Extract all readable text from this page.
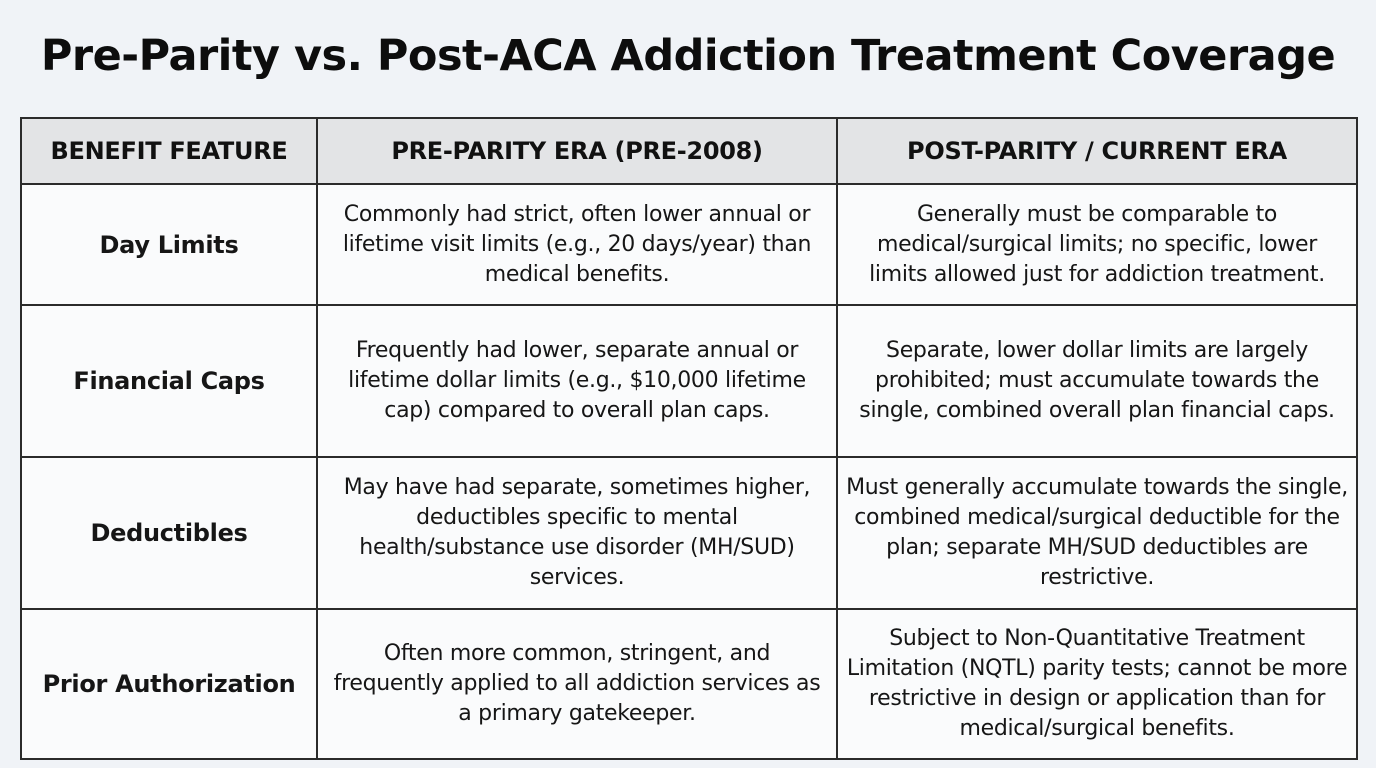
Pre-Parity vs. Post-ACA Addiction Treatment Coverage
BENEFIT FEATURE	PRE-PARITY ERA (PRE-2008)	POST-PARITY / CURRENT ERA
Day Limits	Commonly had strict, often lower annual or lifetime visit limits (e.g., 20 days/year) than medical benefits.	Generally must be comparable to medical/surgical limits; no specific, lower limits allowed just for addiction treatment.
Financial Caps	Frequently had lower, separate annual or lifetime dollar limits (e.g., $10,000 lifetime cap) compared to overall plan caps.	Separate, lower dollar limits are largely prohibited; must accumulate towards the single, combined overall plan financial caps.
Deductibles	May have had separate, sometimes higher, deductibles specific to mental health/substance use disorder (MH/SUD) services.	Must generally accumulate towards the single, combined medical/surgical deductible for the plan; separate MH/SUD deductibles are restrictive.
Prior Authorization	Often more common, stringent, and frequently applied to all addiction services as a primary gatekeeper.	Subject to Non-Quantitative Treatment Limitation (NQTL) parity tests; cannot be more restrictive in design or application than for medical/surgical benefits.
